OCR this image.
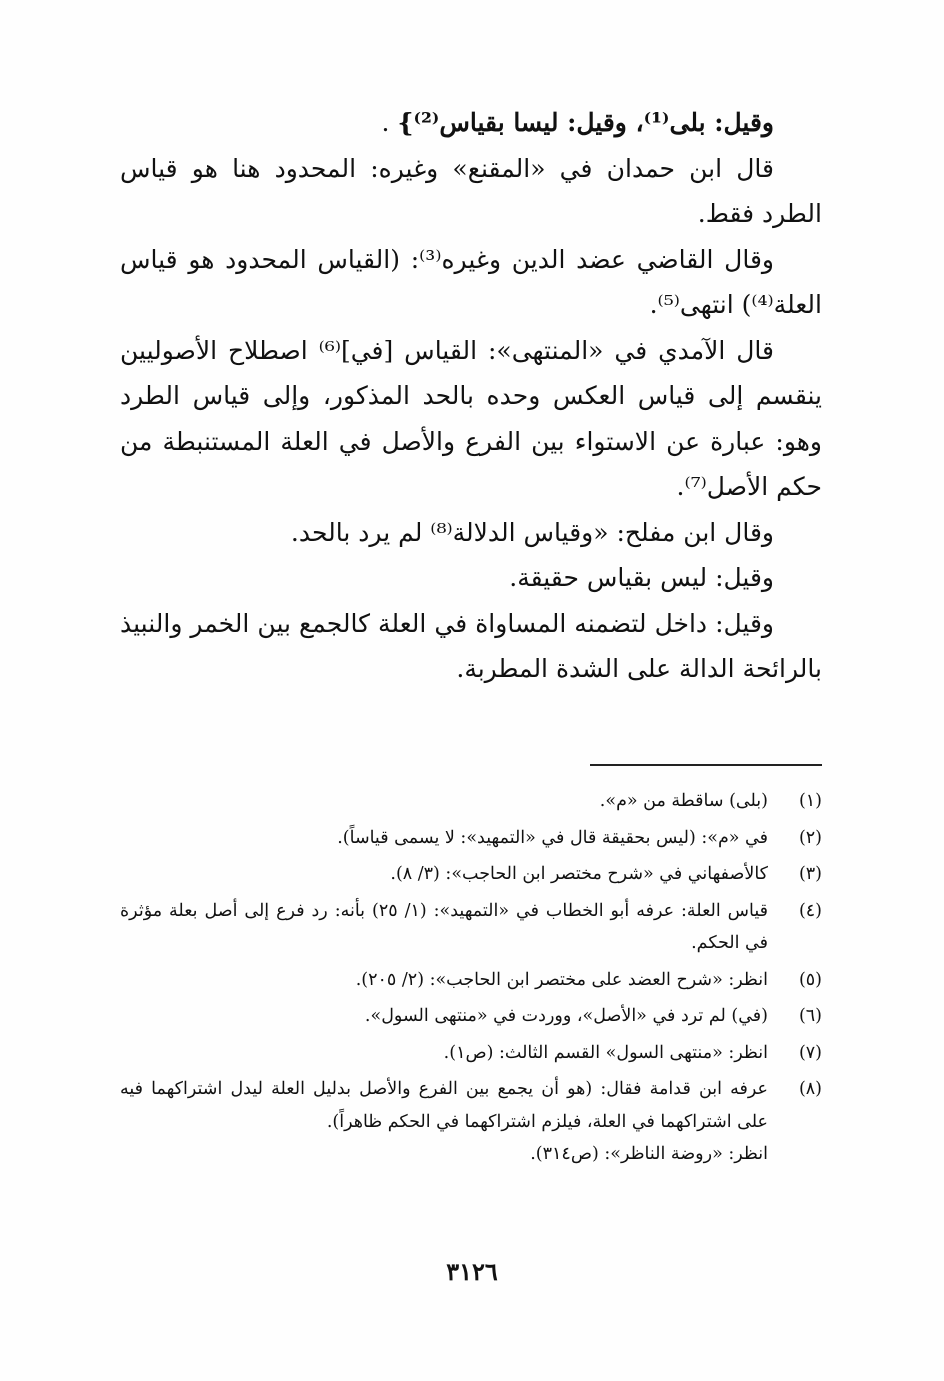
وقيل: بلى⁽¹⁾، وقيل: ليسا بقياس⁽²⁾} .

قال ابن حمدان في «المقنع» وغيره: المحدود هنا هو قياس الطرد فقط.

وقال القاضي عضد الدين وغيره⁽³⁾: (القياس المحدود هو قياس العلة⁽⁴⁾) انتهى⁽⁵⁾.

قال الآمدي في «المنتهى»: القياس [في]⁽⁶⁾ اصطلاح الأصوليين ينقسم إلى قياس العكس وحده بالحد المذكور، وإلى قياس الطرد وهو: عبارة عن الاستواء بين الفرع والأصل في العلة المستنبطة من حكم الأصل⁽⁷⁾.

وقال ابن مفلح: «وقياس الدلالة⁽⁸⁾ لم يرد بالحد.

وقيل: ليس بقياس حقيقة.

وقيل: داخل لتضمنه المساواة في العلة كالجمع بين الخمر والنبيذ بالرائحة الدالة على الشدة المطربة.

(١)
(بلى) ساقطة من «م».
(٢)
في «م»: (ليس بحقيقة قال في «التمهيد»: لا يسمى قياساً).
(٣)
كالأصفهاني في «شرح مختصر ابن الحاجب»: (٣/ ٨).
(٤)
قياس العلة: عرفه أبو الخطاب في «التمهيد»: (١/ ٢٥) بأنه: رد فرع إلى أصل بعلة مؤثرة في الحكم.
(٥)
انظر: «شرح العضد على مختصر ابن الحاجب»: (٢/ ٢٠٥).
(٦)
(في) لم ترد في «الأصل»، ووردت في «منتهى السول».
(٧)
انظر: «منتهى السول» القسم الثالث: (ص١).
(٨)
عرفه ابن قدامة فقال: (هو أن يجمع بين الفرع والأصل بدليل العلة ليدل اشتراكهما فيه على اشتراكهما في العلة، فيلزم اشتراكهما في الحكم ظاهراً).
انظر: «روضة الناظر»: (ص٣١٤).
٣١٢٦
